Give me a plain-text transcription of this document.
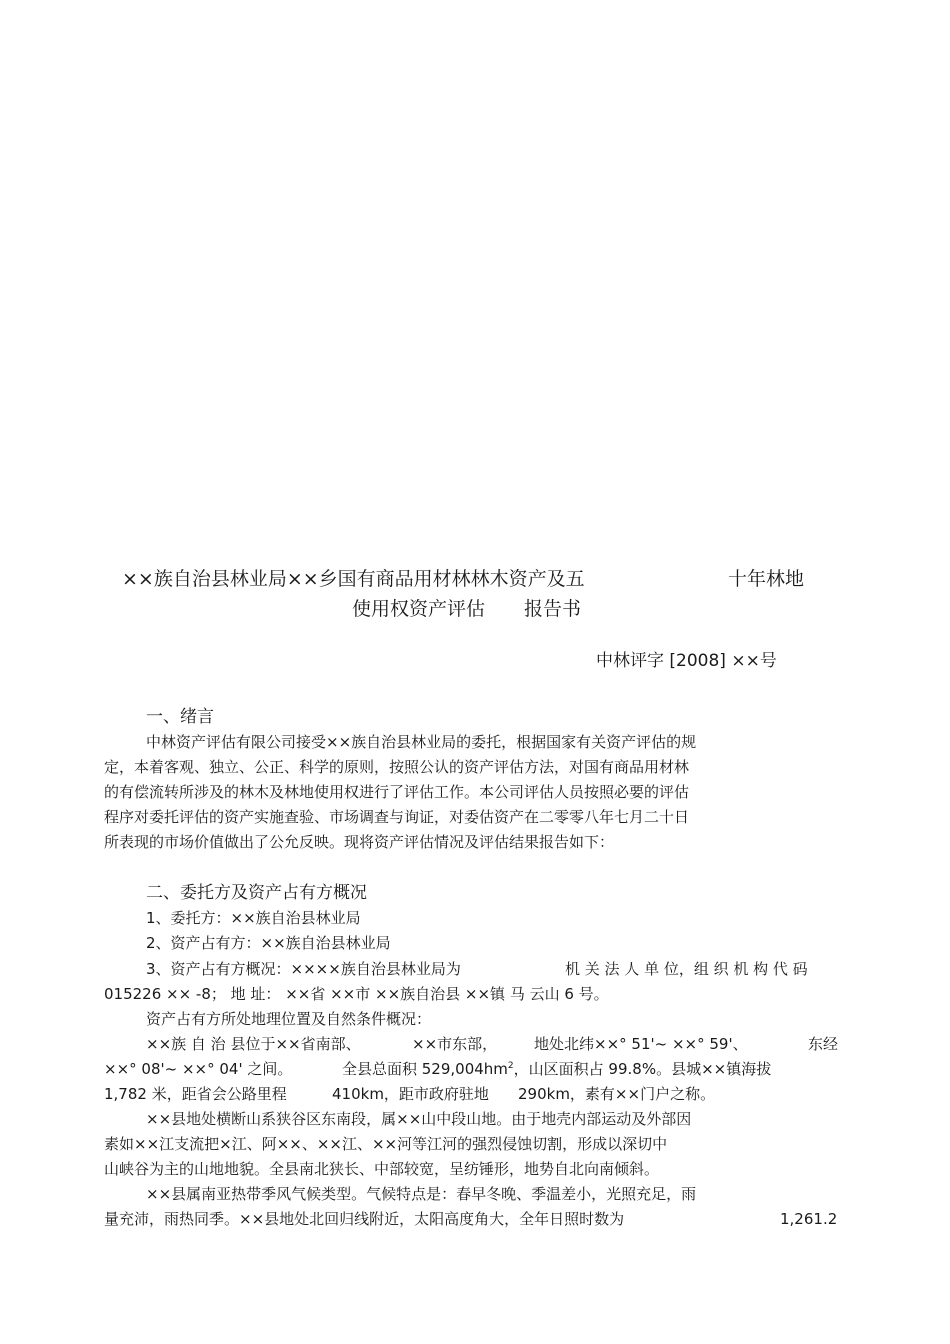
××族自治县林业局××乡国有商品用材林林木资产及五	十年林地
使用权资产评估 报告书
中林评字 [2008] ××号
一、绪言
中林资产评估有限公司接受××族自治县林业局的委托，根据国家有关资产评估的规
定，本着客观、独立、公正、科学的原则，按照公认的资产评估方法，对国有商品用材林
的有偿流转所涉及的林木及林地使用权进行了评估工作。本公司评估人员按照必要的评估
程序对委托评估的资产实施查验、市场调查与询证，对委估资产在二零零八年七月二十日
所表现的市场价值做出了公允反映。现将资产评估情况及评估结果报告如下：
二、委托方及资产占有方概况
1、委托方：××族自治县林业局
2、资产占有方：××族自治县林业局
3、资产占有方概况：××××族自治县林业局为	机 关 法 人 单 位，组 织 机 构 代 码
015226 ×× -8； 地 址： ××省 ××市 ××族自治县 ××镇 马 云山 6 号。
资产占有方所处地理位置及自然条件概况：
××族 自 治 县位于××省南部、	××市东部， 地处北纬××° 51'~ ××° 59'、	东经
××° 08'~ ××° 04' 之间。	全县总面积 $529,004hm^2$，山区面积占 99.8%。县城××镇海拔
1,782 米，距省会公路里程	410km，距市政府驻地 290km，素有××门户之称。
××县地处横断山系狭谷区东南段，属××山中段山地。由于地壳内部运动及外部因
素如××江支流把×江、阿××、××江、××河等江河的强烈侵蚀切割，形成以深切中
山峡谷为主的山地地貌。全县南北狭长、中部较宽，呈纺锤形，地势自北向南倾斜。
××县属南亚热带季风气候类型。气候特点是：春早冬晚、季温差小，光照充足，雨
量充沛，雨热同季。××县地处北回归线附近，太阳高度角大，全年日照时数为	1,261.2
